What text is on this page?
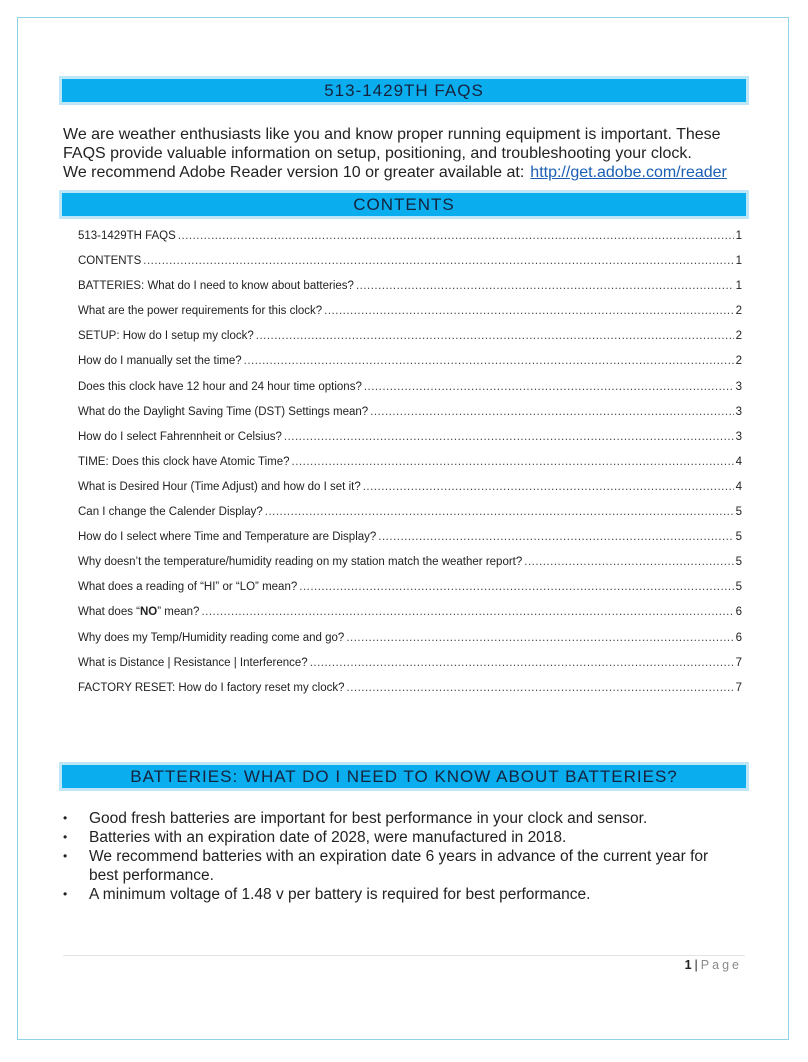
513-1429TH FAQS

We are weather enthusiasts like you and know proper running equipment is important. These

FAQS provide valuable information on setup, positioning, and troubleshooting your clock.

We recommend Adobe Reader version 10 or greater available at: http://get.adobe.com/reader

CONTENTS
513-1429TH FAQS .....	1
CONTENTS .....	1
BATTERIES: What do I need to know about batteries? .....	1
What are the power requirements for this clock? .....	2
SETUP: How do I setup my clock? .....	2
How do I manually set the time? .....	2
Does this clock have 12 hour and 24 hour time options? .....	3
What do the Daylight Saving Time (DST) Settings mean? .....	3
How do I select Fahrennheit or Celsius? .....	3
TIME: Does this clock have Atomic Time? .....	4
What is Desired Hour (Time Adjust) and how do I set it? .....	4
Can I change the Calender Display? .....	5
How do I select where Time and Temperature are Display? .....	5
Why doesn’t the temperature/humidity reading on my station match the weather report? .....	5
What does a reading of “HI” or “LO” mean? .....	5
What does “NO” mean? .....	6
Why does my Temp/Humidity reading come and go? .....	6
What is Distance | Resistance | Interference? .....	7
FACTORY RESET: How do I factory reset my clock? .....	7
BATTERIES: WHAT DO I NEED TO KNOW ABOUT BATTERIES?
• Good fresh batteries are important for best performance in your clock and sensor.
• Batteries with an expiration date of 2028, were manufactured in 2018.
• We recommend batteries with an expiration date 6 years in advance of the current year for
best performance.
• A minimum voltage of 1.48 v per battery is required for best performance.
1 | Page
